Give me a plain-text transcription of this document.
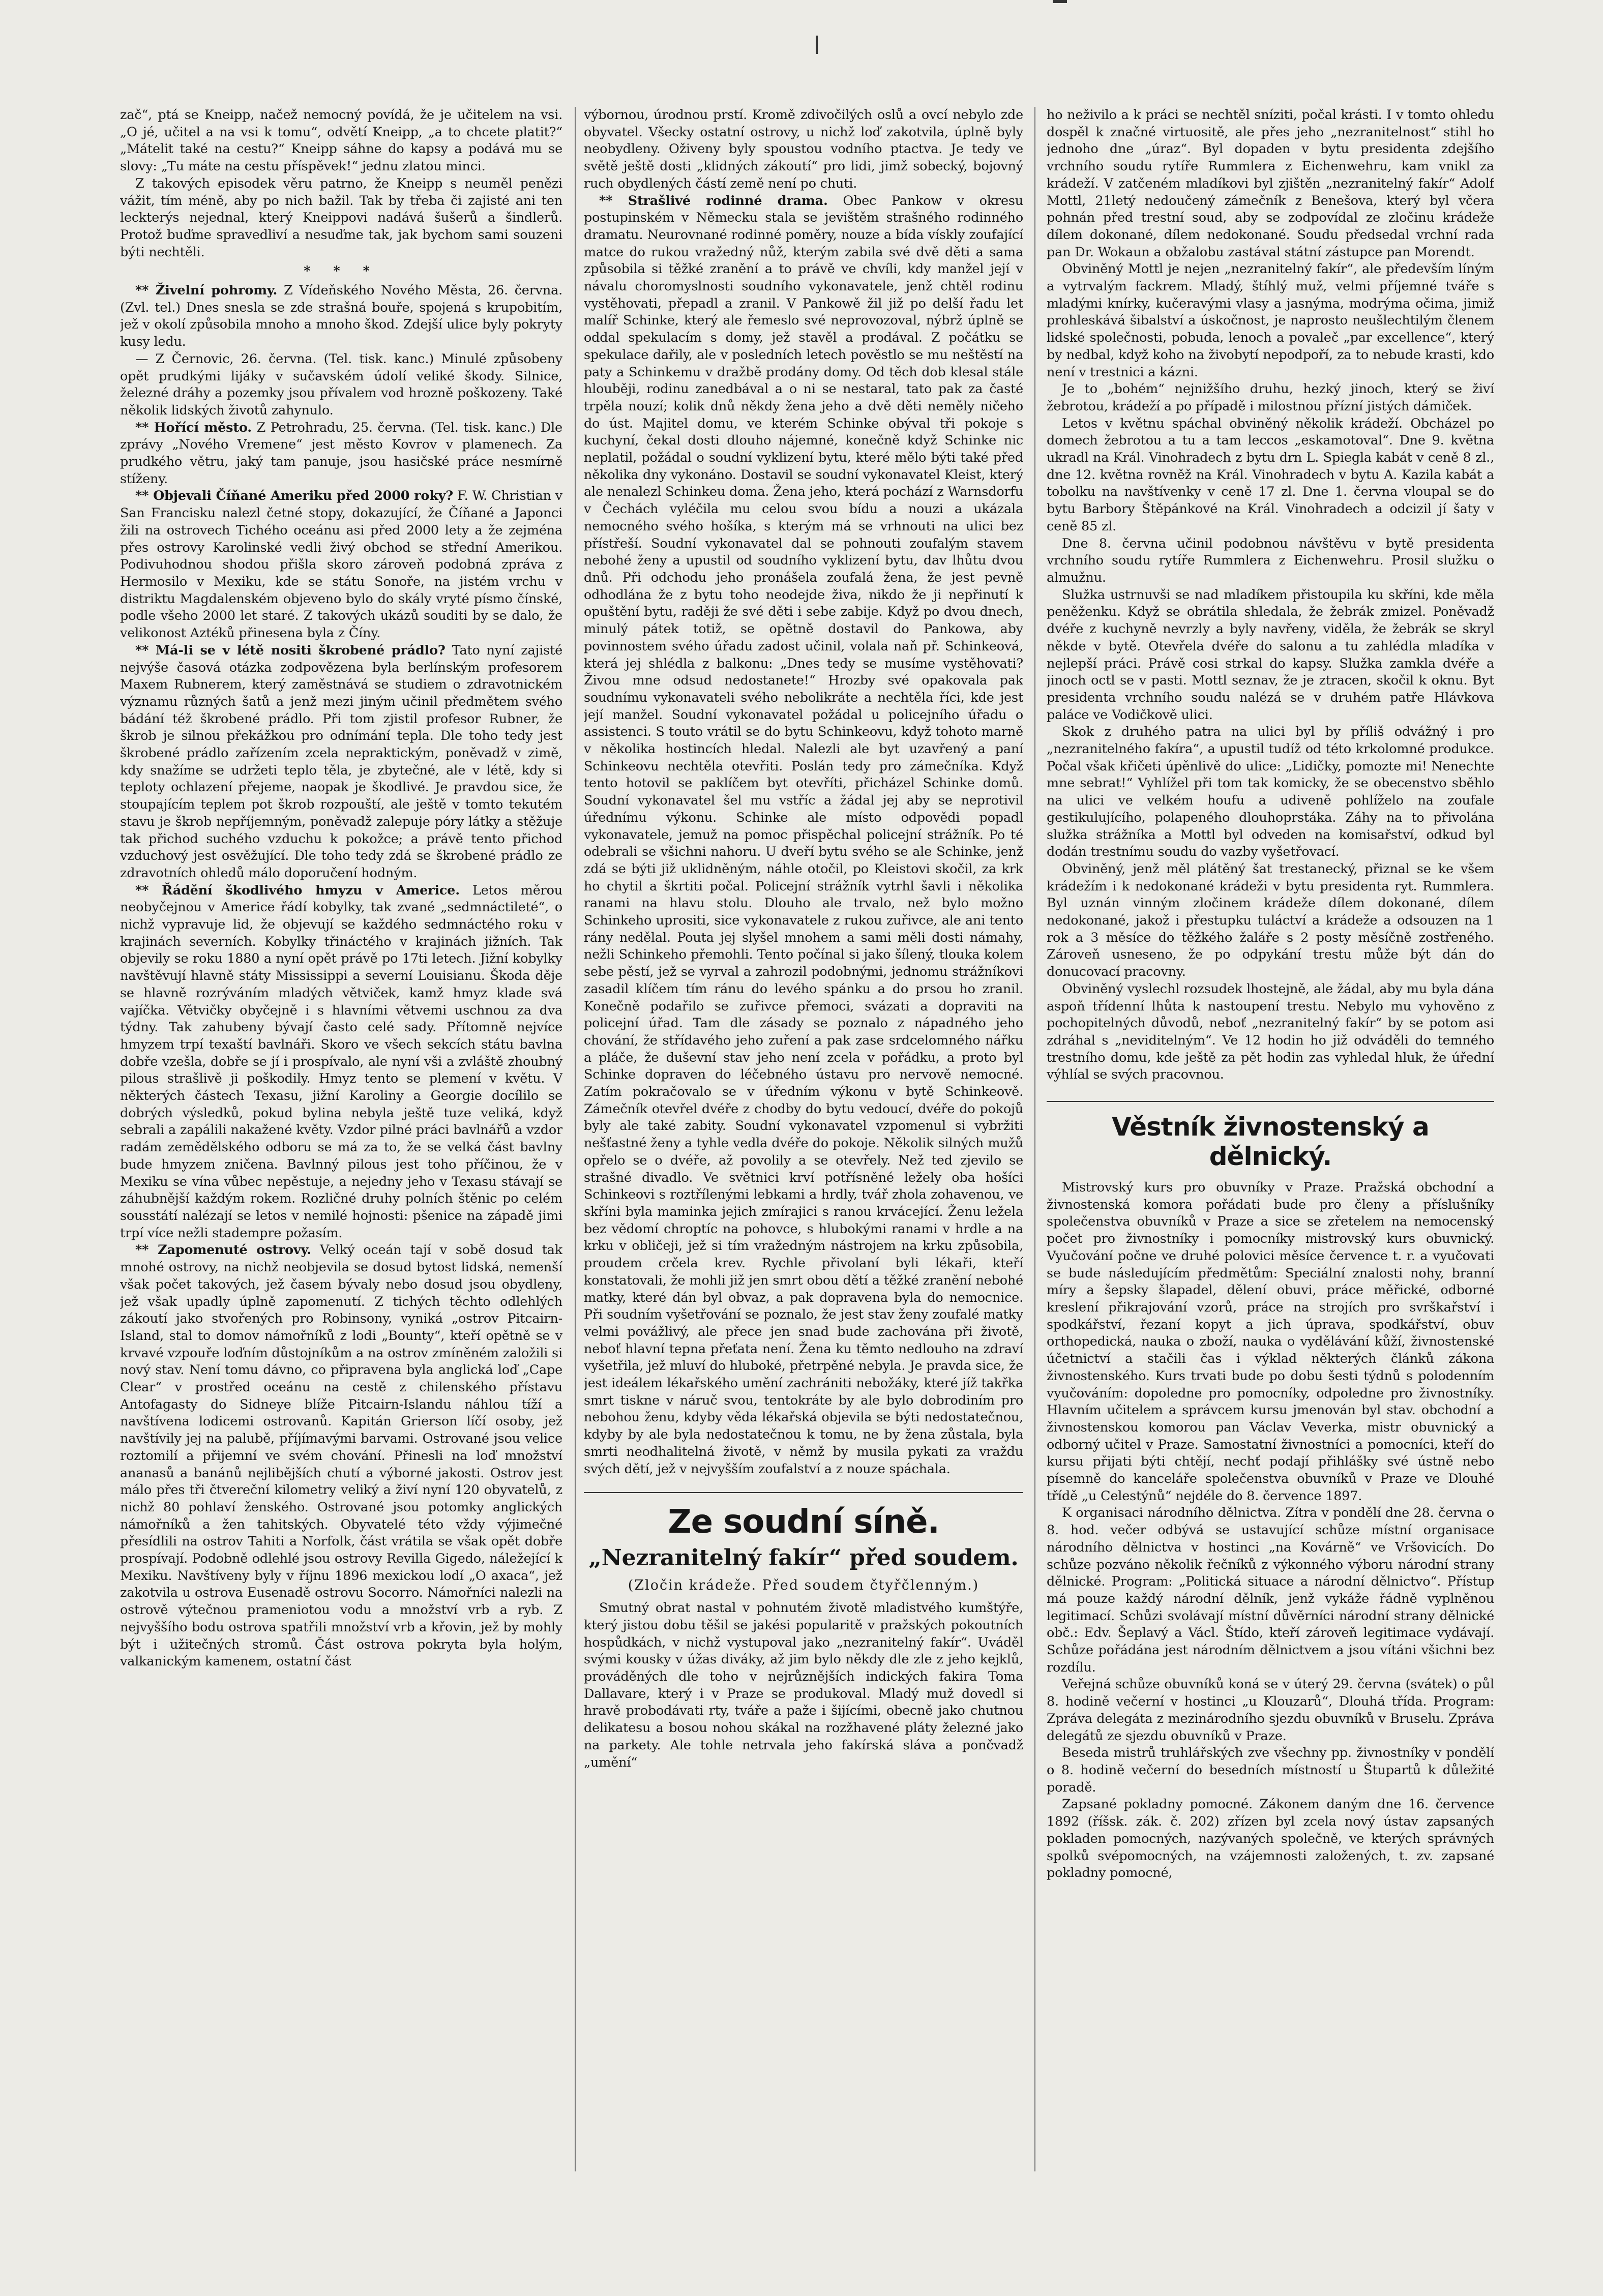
zač“, ptá se Kneipp, načež nemocný povídá, že je učitelem na vsi. „O jé, učitel a na vsi k tomu“, odvětí Kneipp, „a to chcete platit?“ „Mátelit také na cestu?“ Kneipp sáhne do kapsy a podává mu se slovy: „Tu máte na cestu příspěvek!“ jednu zlatou minci.

Z takových episodek věru patrno, že Kneipp s neuměl penězi vážit, tím méně, aby po nich bažil. Tak by třeba či zajisté ani ten leckterýs nejednal, který Kneippovi nadává šušerů a šindlerů. Protož buďme spravedliví a nesuďme tak, jak bychom sami souzeni býti nechtěli.

* * *

** Živelní pohromy. Z Vídeňského Nového Města, 26. června. (Zvl. tel.) Dnes snesla se zde strašná bouře, spojená s krupobitím, jež v okolí způsobila mnoho a mnoho škod. Zdejší ulice byly pokryty kusy ledu.

— Z Černovic, 26. června. (Tel. tisk. kanc.) Minulé způsobeny opět prudkými lijáky v sučavském údolí veliké škody. Silnice, železné dráhy a pozemky jsou přívalem vod hrozně poškozeny. Také několik lidských životů zahynulo.

** Hořící město. Z Petrohradu, 25. června. (Tel. tisk. kanc.) Dle zprávy „Nového Vremene“ jest město Kovrov v plamenech. Za prudkého větru, jaký tam panuje, jsou hasičské práce nesmírně stíženy.

** Objevali Číňané Ameriku před 2000 roky? F. W. Christian v San Francisku nalezl četné stopy, dokazující, že Číňané a Japonci žili na ostrovech Tichého oceánu asi před 2000 lety a že zejména přes ostrovy Karolinské vedli živý obchod se střední Amerikou. Podivuhodnou shodou přišla skoro zároveň podobná zpráva z Hermosilo v Mexiku, kde se státu Sonoře, na jistém vrchu v distriktu Magdalenském objeveno bylo do skály vryté písmo čínské, podle všeho 2000 let staré. Z takových ukázů souditi by se dalo, že velikonost Aztéků přinesena byla z Číny.

** Má-li se v létě nositi škrobené prádlo? Tato nyní zajisté nejvýše časová otázka zodpovězena byla berlínským profesorem Maxem Rubnerem, který zaměstnává se studiem o zdravotnickém významu různých šatů a jenž mezi jiným učinil předmětem svého bádání též škrobené prádlo. Při tom zjistil profesor Rubner, že škrob je silnou překážkou pro odnímání tepla. Dle toho tedy jest škrobené prádlo zařízením zcela nepraktickým, poněvadž v zimě, kdy snažíme se udržeti teplo těla, je zbytečné, ale v létě, kdy si teploty ochlazení přejeme, naopak je škodlivé. Je pravdou sice, že stoupajícím teplem pot škrob rozpouští, ale ještě v tomto tekutém stavu je škrob nepříjemným, poněvadž zalepuje póry látky a stěžuje tak přichod suchého vzduchu k pokožce; a právě tento přichod vzduchový jest osvěžující. Dle toho tedy zdá se škrobené prádlo ze zdravotních ohledů málo doporučení hodným.

** Řádění škodlivého hmyzu v Americe. Letos měrou neobyčejnou v Americe řádí kobylky, tak zvané „sedmnáctileté“, o nichž vypravuje lid, že objevují se každého sedmnáctého roku v krajinách severních. Kobylky třináctého v krajinách jižních. Tak objevily se roku 1880 a nyní opět právě po 17ti letech. Jižní kobylky navštěvují hlavně státy Mississippi a severní Louisianu. Škoda děje se hlavně rozrýváním mladých větviček, kamž hmyz klade svá vajíčka. Větvičky obyčejně i s hlavními větvemi uschnou za dva týdny. Tak zahubeny bývají často celé sady. Přítomně nejvíce hmyzem trpí texaští bavlnáři. Skoro ve všech sekcích státu bavlna dobře vzešla, dobře se jí i prospívalo, ale nyní vši a zvláště zhoubný pilous strašlivě ji poškodily. Hmyz tento se plemení v květu. V některých částech Texasu, jižní Karoliny a Georgie docílilo se dobrých výsledků, pokud bylina nebyla ještě tuze veliká, když sebrali a zapálili nakažené květy. Vzdor pilné práci bavlnářů a vzdor radám zemědělského odboru se má za to, že se velká část bavlny bude hmyzem zničena. Bavlnný pilous jest toho příčinou, že v Mexiku se vína vůbec nepěstuje, a nejedny jeho v Texasu stávají se záhubnější každým rokem. Rozličné druhy polních štěnic po celém sousstátí nalézají se letos v nemilé hojnosti: pšenice na západě jimi trpí více nežli stadempre požasím.

** Zapomenuté ostrovy. Velký oceán tají v sobě dosud tak mnohé ostrovy, na nichž neobjevila se dosud bytost lidská, nemenší však počet takových, jež časem bývaly nebo dosud jsou obydleny, jež však upadly úplně zapomenutí. Z tichých těchto odlehlých zákoutí jako stvořených pro Robinsony, vyniká „ostrov Pitcairn-Island, stal to domov námořníků z lodi „Bounty“, kteří opětně se v krvavé vzpouře loďním důstojníkům a na ostrov zmíněném založili si nový stav. Není tomu dávno, co připravena byla anglická loď „Cape Clear“ v prostřed oceánu na cestě z chilenského přístavu Antofagasty do Sidneye blíže Pitcairn-Islandu náhlou tíží a navštívena lodicemi ostrovanů. Kapitán Grierson líčí osoby, jež navštívily jej na palubě, příjímavými barvami. Ostrované jsou velice roztomilí a přijemní ve svém chování. Přinesli na loď množství ananasů a banánů nejlibějších chutí a výborné jakosti. Ostrov jest málo přes tři čtvereční kilometry veliký a živí nyní 120 obyvatelů, z nichž 80 pohlaví ženského. Ostrované jsou potomky anglických námořníků a žen tahitských. Obyvatelé této vždy výjimečné přesídlili na ostrov Tahiti a Norfolk, část vrátila se však opět dobře prospívají. Podobně odlehlé jsou ostrovy Revilla Gigedo, náležející k Mexiku. Navštíveny byly v říjnu 1896 mexickou lodí „O axaca“, jež zakotvila u ostrova Eusenadě ostrovu Socorro. Námořníci nalezli na ostrově výtečnou prameniotou vodu a množství vrb a ryb. Z nejvyššího bodu ostrova spatřili množství vrb a křovin, jež by mohly být i užitečných stromů. Část ostrova pokryta byla holým, valkanickým kamenem, ostatní část

výbornou, úrodnou prstí. Kromě zdivočilých oslů a ovcí nebylo zde obyvatel. Všecky ostatní ostrovy, u nichž loď zakotvila, úplně byly neobydleny. Oživeny byly spoustou vodního ptactva. Je tedy ve světě ještě dosti „klidných zákoutí“ pro lidi, jimž sobecký, bojovný ruch obydlených částí země není po chuti.

** Strašlivé rodinné drama. Obec Pankow v okresu postupinském v Německu stala se jevištěm strašného rodinného dramatu. Neurovnané rodinné poměry, nouze a bída vískly zoufající matce do rukou vražedný nůž, kterým zabila své dvě děti a sama způsobila si těžké zranění a to právě ve chvíli, kdy manžel její v návalu choromyslnosti soudního vykonavatele, jenž chtěl rodinu vystěhovati, přepadl a zranil. V Pankowě žil již po delší řadu let malíř Schinke, který ale řemeslo své neprovozoval, nýbrž úplně se oddal spekulacím s domy, jež stavěl a prodával. Z počátku se spekulace dařily, ale v posledních letech pověstlo se mu neštěstí na paty a Schinkemu v dražbě prodány domy. Od těch dob klesal stále hlouběji, rodinu zanedbával a o ni se nestaral, tato pak za časté trpěla nouzí; kolik dnů někdy žena jeho a dvě děti neměly ničeho do úst. Majitel domu, ve kterém Schinke obýval tři pokoje s kuchyní, čekal dosti dlouho nájemné, konečně když Schinke nic neplatil, požádal o soudní vyklizení bytu, které mělo býti také před několika dny vykonáno. Dostavil se soudní vykonavatel Kleist, který ale nenalezl Schinkeu doma. Žena jeho, která pochází z Warnsdorfu v Čechách vyléčila mu celou svou bídu a nouzi a ukázala nemocného svého hošíka, s kterým má se vrhnouti na ulici bez přístřeší. Soudní vykonavatel dal se pohnouti zoufalým stavem nebohé ženy a upustil od soudního vyklizení bytu, dav lhůtu dvou dnů. Při odchodu jeho pronášela zoufalá žena, že jest pevně odhodlána že z bytu toho neodejde živa, nikdo že ji nepřinutí k opuštění bytu, raději že své děti i sebe zabije. Když po dvou dnech, minulý pátek totiž, se opětně dostavil do Pankowa, aby povinnostem svého úřadu zadost učinil, volala naň př. Schinkeová, která jej shlédla z balkonu: „Dnes tedy se musíme vystěhovati? Živou mne odsud nedostanete!“ Hrozby své opakovala pak soudnímu vykonavateli svého nebolikráte a nechtěla říci, kde jest její manžel. Soudní vykonavatel požádal u policejního úřadu o assistenci. S touto vrátil se do bytu Schinkeovu, když tohoto marně v několika hostincích hledal. Nalezli ale byt uzavřený a paní Schinkeovu nechtěla otevřiti. Poslán tedy pro zámečníka. Když tento hotovil se paklíčem byt otevříti, přicházel Schinke domů. Soudní vykonavatel šel mu vstříc a žádal jej aby se neprotivil úřednímu výkonu. Schinke ale místo odpovědi popadl vykonavatele, jemuž na pomoc přispěchal policejní strážník. Po té odebrali se všichni nahoru. U dveří bytu svého se ale Schinke, jenž zdá se býti již uklidněným, náhle otočil, po Kleistovi skočil, za krk ho chytil a škrtiti počal. Policejní strážník vytrhl šavli i několika ranami na hlavu stolu. Dlouho ale trvalo, než bylo možno Schinkeho uprositi, sice vykonavatele z rukou zuřivce, ale ani tento rány nedělal. Pouta jej slyšel mnohem a sami měli dosti námahy, nežli Schinkeho přemohli. Tento počínal si jako šílený, tlouka kolem sebe pěstí, jež se vyrval a zahrozil podobnými, jednomu strážníkovi zasadil klíčem tím ránu do levého spánku a do prsou ho zranil. Konečně podařilo se zuřivce přemoci, svázati a dopraviti na policejní úřad. Tam dle zásady se poznalo z nápadného jeho chování, že střídavého jeho zuření a pak zase srdcelomného nářku a pláče, že duševní stav jeho není zcela v pořádku, a proto byl Schinke dopraven do léčebného ústavu pro nervově nemocné. Zatím pokračovalo se v úředním výkonu v bytě Schinkeově. Zámečník otevřel dvéře z chodby do bytu vedoucí, dvéře do pokojů byly ale také zabity. Soudní vykonavatel vzpomenul si vybržiti nešťastné ženy a tyhle vedla dvéře do pokoje. Několik silných mužů opřelo se o dvéře, až povolily a se otevřely. Než ted zjevilo se strašné divadlo. Ve světnici krví potřísněné ležely oba hošíci Schinkeovi s roztřílenými lebkami a hrdly, tvář zhola zohavenou, ve skříni byla maminka jejich zmírajici s ranou krvácející. Ženu ležela bez vědomí chroptíc na pohovce, s hlubokými ranami v hrdle a na krku v obličeji, jež si tím vražedným nástrojem na krku způsobila, proudem crčela krev. Rychle přivolaní byli lékaři, kteří konstatovali, že mohli již jen smrt obou dětí a těžké zranění nebohé matky, které dán byl obvaz, a pak dopravena byla do nemocnice. Při soudním vyšetřování se poznalo, že jest stav ženy zoufalé matky velmi povážlivý, ale přece jen snad bude zachována při životě, neboť hlavní tepna přeťata není. Žena ku těmto nedlouho na zdraví vyšetřila, jež mluví do hluboké, přetrpěné nebyla. Je pravda sice, že jest ideálem lékařského umění zachrániti nebožáky, které jíž takřka smrt tiskne v náruč svou, tentokráte by ale bylo dobrodiním pro nebohou ženu, kdyby věda lékařská objevila se býti nedostatečnou, kdyby by ale byla nedostatečnou k tomu, ne by žena zůstala, byla smrti neodhalitelná životě, v němž by musila pykati za vraždu svých dětí, jež v nejvyšším zoufalství a z nouze spáchala.

Ze soudní síně.
„Nezranitelný fakír“ před soudem.
(Zločin krádeže. Před soudem čtyřčlenným.)

Smutný obrat nastal v pohnutém životě mladistvého kumštýře, který jistou dobu těšil se jakési popularitě v pražských pokoutních hospůdkách, v nichž vystupoval jako „nezranitelný fakír“. Uváděl svými kousky v úžas diváky, až jim bylo někdy dle zle z jeho kejklů, prováděných dle toho v nejrůznějších indických fakira Toma Dallavare, který i v Praze se produkoval. Mladý muž dovedl si hravě probodávati rty, tváře a paže i šijícími, obecně jako chutnou delikatesu a bosou nohou skákal na rozžhavené pláty železné jako na parkety. Ale tohle netrvala jeho fakírská sláva a pončvadž „umění“

ho neživilo a k práci se nechtěl sníziti, počal krásti. I v tomto ohledu dospěl k značné virtuositě, ale přes jeho „nezranitelnost“ stihl ho jednoho dne „úraz“. Byl dopaden v bytu presidenta zdejšího vrchního soudu rytíře Rummlera z Eichenwehru, kam vnikl za krádeží. V zatčeném mladíkovi byl zjištěn „nezranitelný fakír“ Adolf Mottl, 21letý nedoučený zámečník z Benešova, který byl včera pohnán před trestní soud, aby se zodpovídal ze zločinu krádeže dílem dokonané, dílem nedokonané. Soudu předsedal vrchní rada pan Dr. Wokaun a obžalobu zastával státní zástupce pan Morendt.

Obviněný Mottl je nejen „nezranitelný fakír“, ale především líným a vytrvalým fackrem. Mladý, štíhlý muž, velmi příjemné tváře s mladými knírky, kučeravými vlasy a jasnýma, modrýma očima, jimiž prohleskává šibalství a úskočnost, je naprosto neušlechtilým členem lidské společnosti, pobuda, lenoch a povaleč „par excellence“, který by nedbal, když koho na živobytí nepodpoří, za to nebude krasti, kdo není v trestnici a kázni.

Je to „bohém“ nejnižšího druhu, hezký jinoch, který se živí žebrotou, krádeží a po případě i milostnou přízní jistých dámiček.

Letos v květnu spáchal obviněný několik krádeží. Obcházel po domech žebrotou a tu a tam leccos „eskamotoval“. Dne 9. května ukradl na Král. Vinohradech z bytu drn L. Spiegla kabát v ceně 8 zl., dne 12. května rovněž na Král. Vinohradech v bytu A. Kazila kabát a tobolku na navštívenky v ceně 17 zl. Dne 1. června vloupal se do bytu Barbory Štěpánkové na Král. Vinohradech a odcizil jí šaty v ceně 85 zl.

Dne 8. června učinil podobnou návštěvu v bytě presidenta vrchního soudu rytíře Rummlera z Eichenwehru. Prosil služku o almužnu.

Služka ustrnuvši se nad mladíkem přistoupila ku skříni, kde měla peněženku. Když se obrátila shledala, že žebrák zmizel. Poněvadž dvéře z kuchyně nevrzly a byly navřeny, viděla, že žebrák se skryl někde v bytě. Otevřela dvéře do salonu a tu zahlédla mladíka v nejlepší práci. Právě cosi strkal do kapsy. Služka zamkla dvéře a jinoch octl se v pasti. Mottl seznav, že je ztracen, skočil k oknu. Byt presidenta vrchního soudu nalézá se v druhém patře Hlávkova paláce ve Vodičkově ulici.

Skok z druhého patra na ulici byl by příliš odvážný i pro „nezranitelného fakíra“, a upustil tudíž od této krkolomné produkce. Počal však křičeti úpěnlivě do ulice: „Lidičky, pomozte mi! Nenechte mne sebrat!“ Vyhlížel při tom tak komicky, že se obecenstvo sběhlo na ulici ve velkém houfu a udiveně pohlíželo na zoufale gestikulujícího, polapeného dlouhoprstáka. Záhy na to přivolána služka strážníka a Mottl byl odveden na komisařství, odkud byl dodán trestnímu soudu do vazby vyšetřovací.

Obviněný, jenž měl plátěný šat trestanecký, přiznal se ke všem krádežím i k nedokonané krádeži v bytu presidenta ryt. Rummlera. Byl uznán vinným zločinem krádeže dílem dokonané, dílem nedokonané, jakož i přestupku tuláctví a krádeže a odsouzen na 1 rok a 3 měsíce do těžkého žaláře s 2 posty měsíčně zostřeného. Zároveň usneseno, že po odpykání trestu může být dán do donucovací pracovny.

Obviněný vyslechl rozsudek lhostejně, ale žádal, aby mu byla dána aspoň třídenní lhůta k nastoupení trestu. Nebylo mu vyhověno z pochopitelných důvodů, neboť „nezranitelný fakír“ by se potom asi zdráhal s „neviditelným“. Ve 12 hodin ho již odváděli do temného trestního domu, kde ještě za pět hodin zas vyhledal hluk, že úřední výhlíal se svých pracovnou.

Věstník živnostenský a dělnický.

Mistrovský kurs pro obuvníky v Praze. Pražská obchodní a živnostenská komora pořádati bude pro členy a příslušníky společenstva obuvníků v Praze a sice se zřetelem na nemocenský počet pro živnostníky i pomocníky mistrovský kurs obuvnický. Vyučování počne ve druhé polovici měsíce července t. r. a vyučovati se bude následujícím předmětům: Speciální znalosti nohy, branní míry a šepsky šlapadel, dělení obuvi, práce měřické, odborné kreslení přikrajování vzorů, práce na strojích pro svrškařství i spodkářství, řezaní kopyt a jich úprava, spodkářství, obuv orthopedická, nauka o zboží, nauka o vydělávání kůží, živnostenské účetnictví a stačili čas i výklad některých článků zákona živnostenského. Kurs trvati bude po dobu šesti týdnů s polodenním vyučováním: dopoledne pro pomocníky, odpoledne pro živnostníky. Hlavním učitelem a správcem kursu jmenován byl stav. obchodní a živnostenskou komorou pan Václav Veverka, mistr obuvnický a odborný učitel v Praze. Samostatní živnostníci a pomocníci, kteří do kursu přijati býti chtějí, nechť podají přihlášky své ústně nebo písemně do kanceláře společenstva obuvníků v Praze ve Dlouhé třídě „u Celestýnů“ nejdéle do 8. července 1897.

K organisaci národního dělnictva. Zítra v pondělí dne 28. června o 8. hod. večer odbývá se ustavující schůze místní organisace národního dělnictva v hostinci „na Kovárně“ ve Vršovicích. Do schůze pozváno několik řečníků z výkonného výboru národní strany dělnické. Program: „Politická situace a národní dělnictvo“. Přístup má pouze každý národní dělník, jenž vykáže řádně vyplněnou legitimací. Schůzi svolávají místní důvěrníci národní strany dělnické obč.: Edv. Šeplavý a Václ. Štído, kteří zároveň legitimace vydávají. Schůze pořádána jest národním dělnictvem a jsou vítáni všichni bez rozdílu.

Veřejná schůze obuvníků koná se v úterý 29. června (svátek) o půl 8. hodině večerní v hostinci „u Klouzarů“, Dlouhá třída. Program: Zpráva delegáta z mezinárodního sjezdu obuvníků v Bruselu. Zpráva delegátů ze sjezdu obuvníků v Praze.

Beseda mistrů truhlářských zve všechny pp. živnostníky v pondělí o 8. hodině večerní do besedních místností u Štupartů k důležité poradě.

Zapsané pokladny pomocné. Zákonem daným dne 16. července 1892 (říšsk. zák. č. 202) zřízen byl zcela nový ústav zapsaných pokladen pomocných, nazývaných společně, ve kterých správných spolků svépomocných, na vzájemnosti založených, t. zv. zapsané pokladny pomocné,
